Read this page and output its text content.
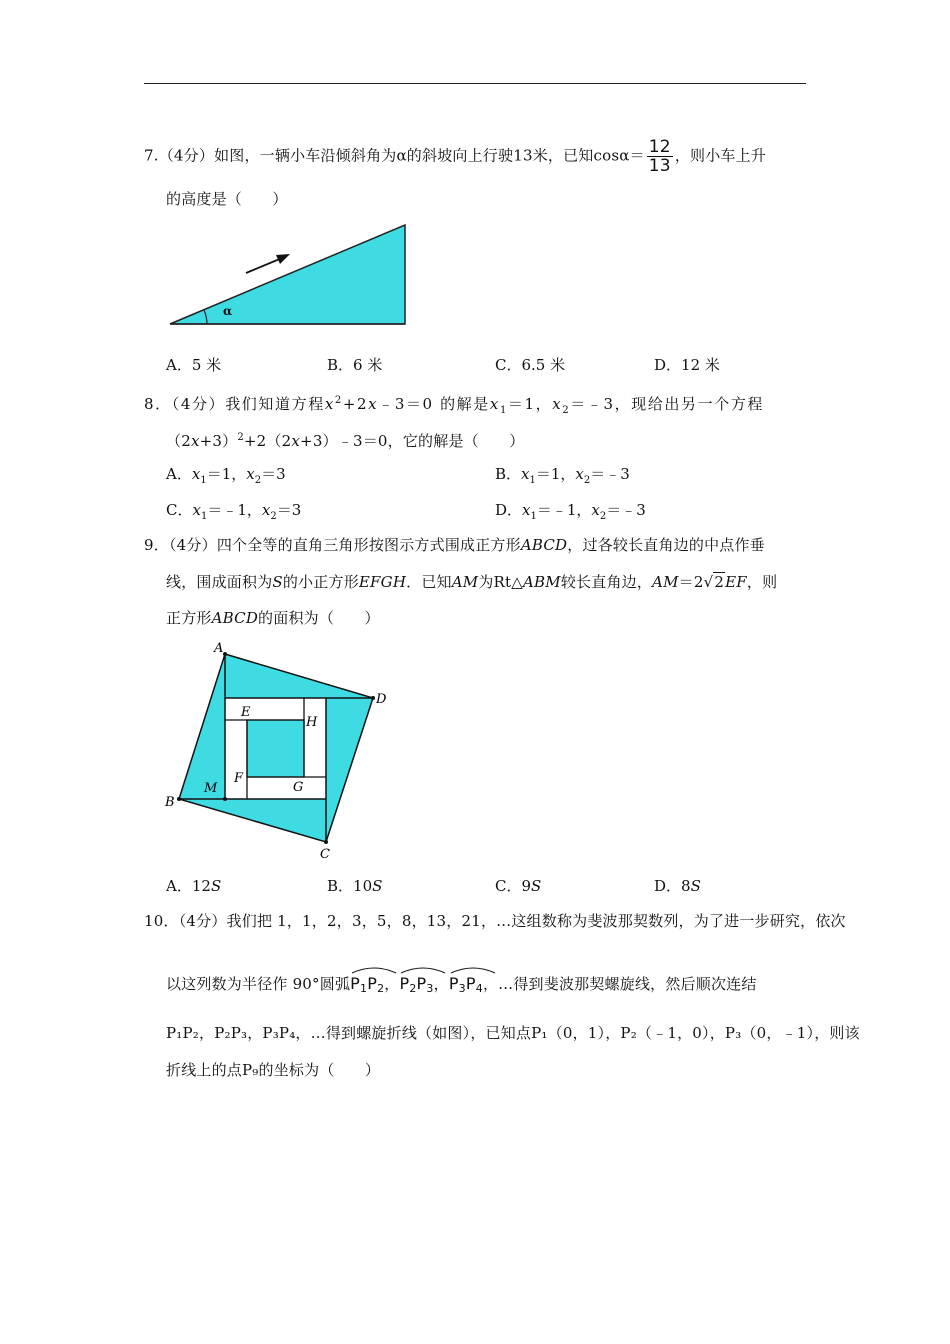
7.（4分）如图，一辆小车沿倾斜角为α的斜坡向上行驶13米，已知$\cos\alpha= \frac{12}{13}$ ，则小车上升
的高度是（　　）
α
A．5 米	B．6 米	C．6.5 米	D．12 米
8．（4分）我们知道方程$x^2+2x﹣3=0$ 的解是$x_1=1$，$x_2=﹣3$，现给出另一个方程
$(2x+3)^2+2(2x+3)﹣3=0$，它的解是（　　）
A．$x_1=1$，$x_2=3$	B．$x_1=1$，$x_2=﹣3$
C．$x_1=﹣1$，$x_2=3$	D．$x_1=﹣1$，$x_2=﹣3$
9．（4分）四个全等的直角三角形按图示方式围成正方形ABCD，过各较长直角边的中点作垂
线，围成面积为S的小正方形EFGH．已知AM为Rt△ABM较长直角边，AM＝2√2EF，则
正方形ABCD的面积为（　　）
A
D
C
B
M
E
H
F
G
A．12S	B．10S	C．9S	D．8S
10．（4分）我们把 1，1，2，3，5，8，13，21，…这组数称为斐波那契数列，为了进一步研究，依次
以这列数为半径作 90°圆弧
P1P2，
P2P3，
P3P4，…得到斐波那契螺旋线，然后顺次连结
P₁P₂，P₂P₃，P₃P₄，…得到螺旋折线（如图），已知点P₁（0，1），P₂（﹣1，0），P₃（0，﹣1），则该
折线上的点P₉的坐标为（　　）
